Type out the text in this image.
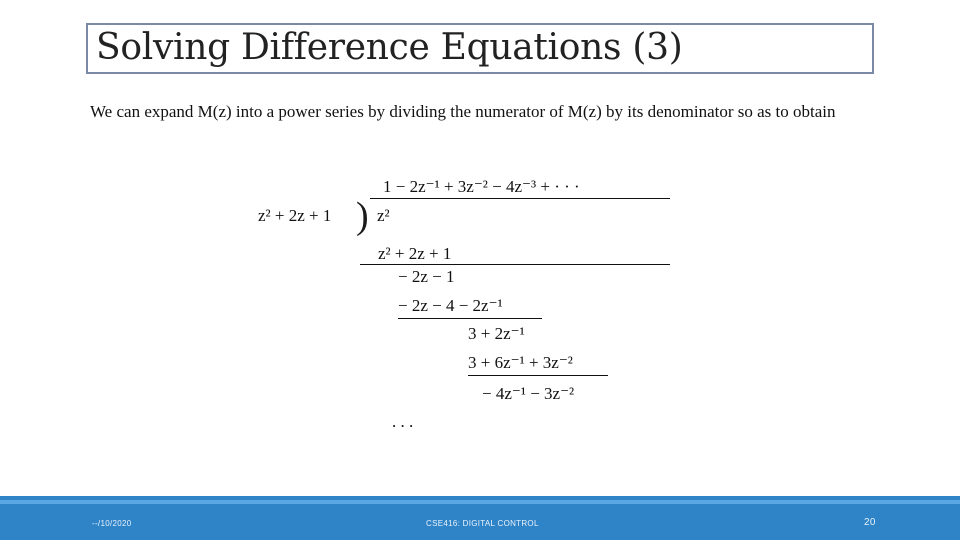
Solving Difference Equations (3)
We can expand M(z) into a power series by dividing the numerator of M(z) by its denominator so as to obtain
1 − 2z⁻¹ + 3z⁻² − 4z⁻³ + · · ·
z² + 2z + 1 ) z²
z² + 2z + 1
− 2z − 1
− 2z − 4 − 2z⁻¹
3 + 2z⁻¹
3 + 6z⁻¹ + 3z⁻²
− 4z⁻¹ − 3z⁻²
. . .
--/10/2020	CSE416: DIGITAL CONTROL	20
